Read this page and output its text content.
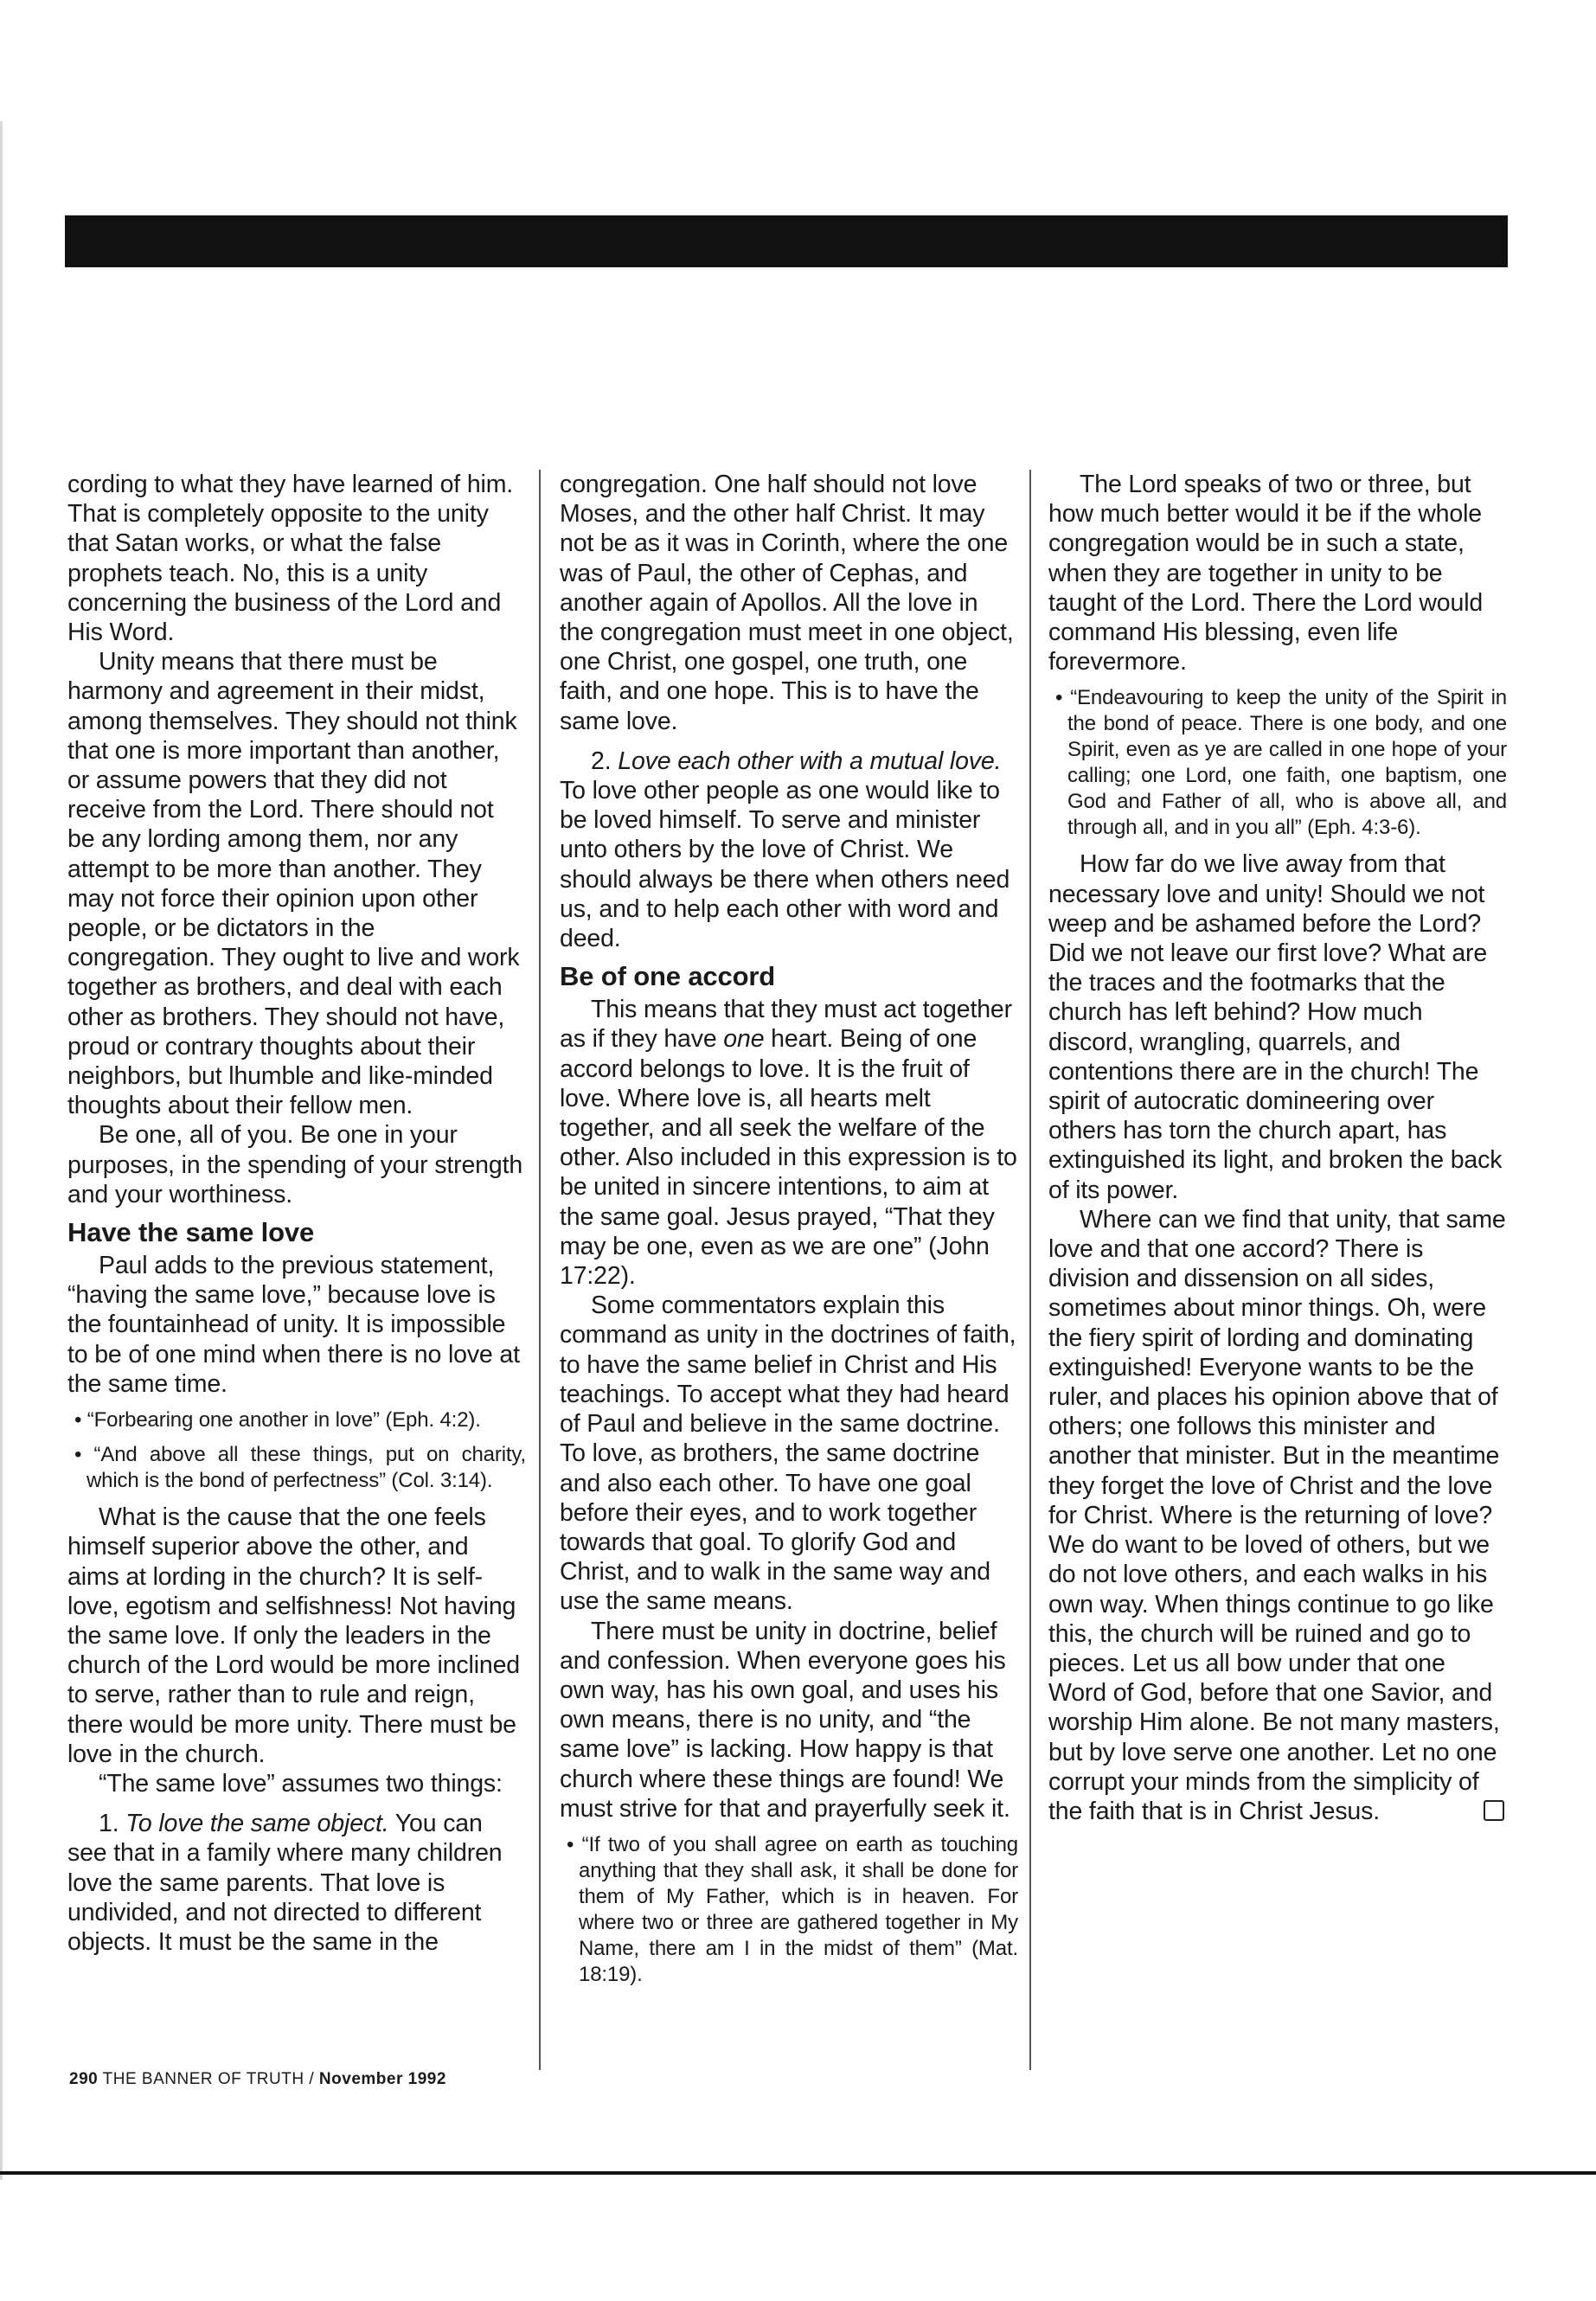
cording to what they have learned of him. That is completely opposite to the unity that Satan works, or what the false prophets teach. No, this is a unity concerning the business of the Lord and His Word.

Unity means that there must be harmony and agreement in their midst, among themselves. They should not think that one is more important than another, or assume powers that they did not receive from the Lord. There should not be any lording among them, nor any attempt to be more than another. They may not force their opinion upon other people, or be dictators in the congregation. They ought to live and work together as brothers, and deal with each other as brothers. They should not have, proud or contrary thoughts about their neighbors, but lhumble and like-minded thoughts about their fellow men.

Be one, all of you. Be one in your purposes, in the spending of your strength and your worthiness.

Have the same love

Paul adds to the previous statement, “having the same love,” because love is the fountainhead of unity. It is impossible to be of one mind when there is no love at the same time.

• “Forbearing one another in love” (Eph. 4:2).
• “And above all these things, put on charity, which is the bond of perfectness” (Col. 3:14).

What is the cause that the one feels himself superior above the other, and aims at lording in the church? It is self-love, egotism and selfishness! Not having the same love. If only the leaders in the church of the Lord would be more inclined to serve, rather than to rule and reign, there would be more unity. There must be love in the church.

“The same love” assumes two things:

1. To love the same object. You can see that in a family where many children love the same parents. That love is undivided, and not directed to different objects. It must be the same in the

congregation. One half should not love Moses, and the other half Christ. It may not be as it was in Corinth, where the one was of Paul, the other of Cephas, and another again of Apollos. All the love in the congregation must meet in one object, one Christ, one gospel, one truth, one faith, and one hope. This is to have the same love.

2. Love each other with a mutual love. To love other people as one would like to be loved himself. To serve and minister unto others by the love of Christ. We should always be there when others need us, and to help each other with word and deed.

Be of one accord

This means that they must act together as if they have one heart. Being of one accord belongs to love. It is the fruit of love. Where love is, all hearts melt together, and all seek the welfare of the other. Also included in this expression is to be united in sincere intentions, to aim at the same goal. Jesus prayed, “That they may be one, even as we are one” (John 17:22).

Some commentators explain this command as unity in the doctrines of faith, to have the same belief in Christ and His teachings. To accept what they had heard of Paul and believe in the same doctrine. To love, as brothers, the same doctrine and also each other. To have one goal before their eyes, and to work together towards that goal. To glorify God and Christ, and to walk in the same way and use the same means.

There must be unity in doctrine, belief and confession. When everyone goes his own way, has his own goal, and uses his own means, there is no unity, and “the same love” is lacking. How happy is that church where these things are found! We must strive for that and prayerfully seek it.

• “If two of you shall agree on earth as touching anything that they shall ask, it shall be done for them of My Father, which is in heaven. For where two or three are gathered together in My Name, there am I in the midst of them” (Mat. 18:19).

The Lord speaks of two or three, but how much better would it be if the whole congregation would be in such a state, when they are together in unity to be taught of the Lord. There the Lord would command His blessing, even life forevermore.

• “Endeavouring to keep the unity of the Spirit in the bond of peace. There is one body, and one Spirit, even as ye are called in one hope of your calling; one Lord, one faith, one baptism, one God and Father of all, who is above all, and through all, and in you all” (Eph. 4:3-6).

How far do we live away from that necessary love and unity! Should we not weep and be ashamed before the Lord? Did we not leave our first love? What are the traces and the footmarks that the church has left behind? How much discord, wrangling, quarrels, and contentions there are in the church! The spirit of autocratic domineering over others has torn the church apart, has extinguished its light, and broken the back of its power.

Where can we find that unity, that same love and that one accord? There is division and dissension on all sides, sometimes about minor things. Oh, were the fiery spirit of lording and dominating extinguished! Everyone wants to be the ruler, and places his opinion above that of others; one follows this minister and another that minister. But in the meantime they forget the love of Christ and the love for Christ. Where is the returning of love? We do want to be loved of others, but we do not love others, and each walks in his own way. When things continue to go like this, the church will be ruined and go to pieces. Let us all bow under that one Word of God, before that one Savior, and worship Him alone. Be not many masters, but by love serve one another. Let no one corrupt your minds from the simplicity of the faith that is in Christ Jesus.

290 THE BANNER OF TRUTH / November 1992
